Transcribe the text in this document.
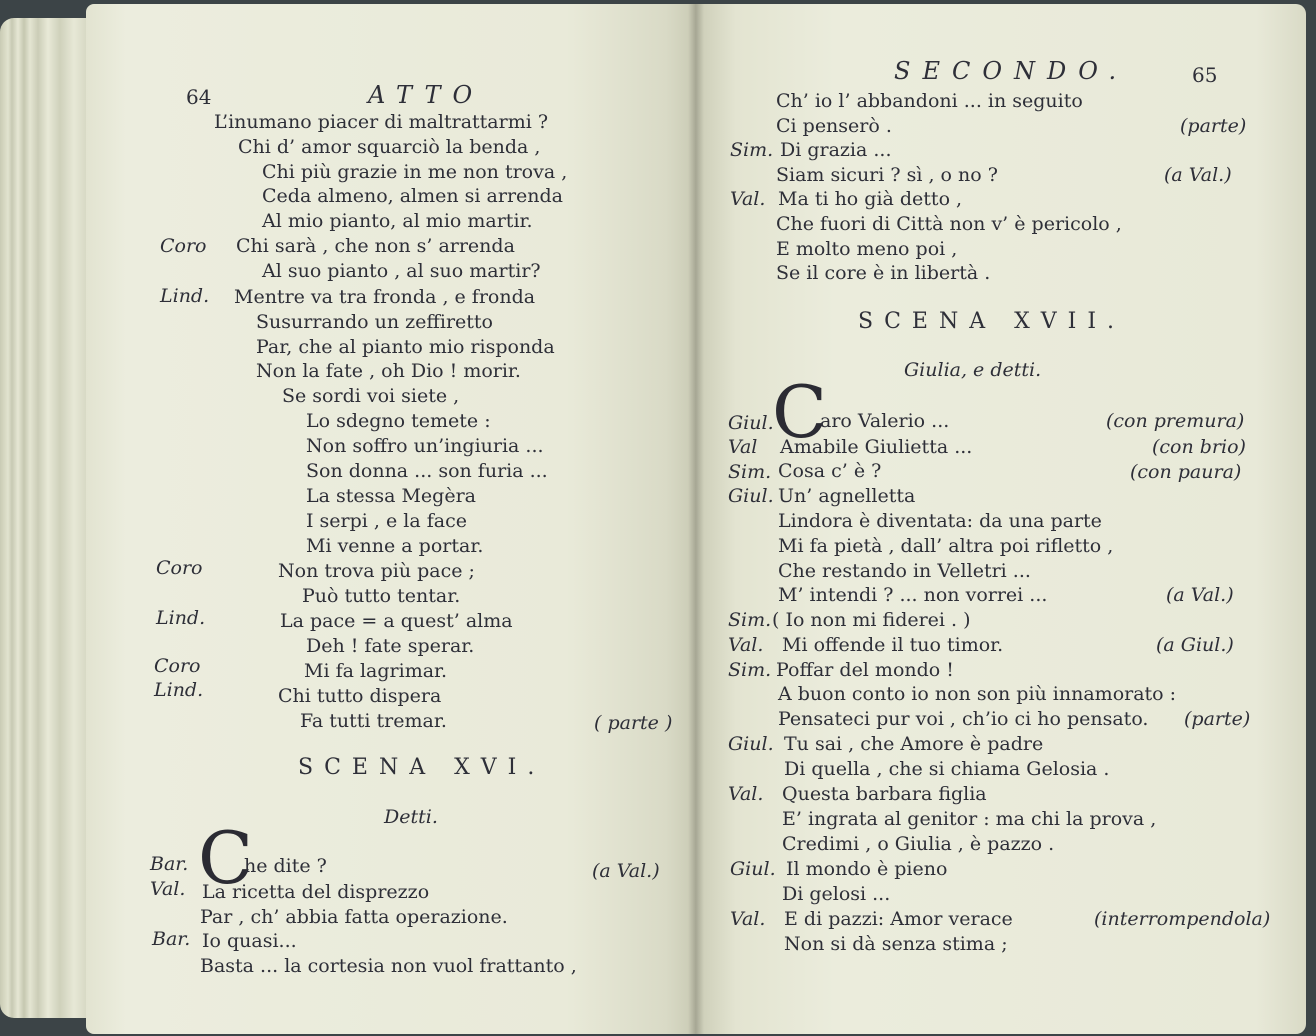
64	ATTO
L’inumano piacer di maltrattarmi ?
Chi d’ amor squarciò la benda ,
Chi più grazie in me non trova ,
Ceda almeno, almen si arrenda
Al mio pianto, al mio martir.
Coro Chi sarà , che non s’ arrenda
Al suo pianto , al suo martir?
Lind. Mentre va tra fronda , e fronda
Susurrando un zeffiretto
Par, che al pianto mio risponda
Non la fate , oh Dio ! morir.
Se sordi voi siete ,
Lo sdegno temete :
Non soffro un’ingiuria ...
Son donna ... son furia ...
La stessa Megèra
I serpi , e la face
Mi venne a portar.
Coro	Non trova più pace ;
Può tutto tentar.
Lind.	La pace = a quest’ alma
Deh ! fate sperar.
Coro	Mi fa lagrimar.
Lind.	Chi tutto dispera
Fa tutti tremar.	( parte )
SCENA XVI.
Detti.
C
Bar.	he dite ?	(a Val.)
Val. La ricetta del disprezzo
Par , ch’ abbia fatta operazione.
Bar. Io quasi...
Basta ... la cortesia non vuol frattanto ,
SECONDO.	65
Ch’ io l’ abbandoni ... in seguito
Ci penserò .	(parte)
Sim. Di grazia ...
Siam sicuri ? sì , o no ?	(a Val.)
Val. Ma ti ho già detto ,
Che fuori di Città non v’ è pericolo ,
E molto meno poi ,
Se il core è in libertà .
SCENA XVII.
Giulia, e detti.
C
Giul. aro Valerio ...	(con premura)
Val Amabile Giulietta ...	(con brio)
Sim. Cosa c’ è ?	(con paura)
Giul. Un’ agnelletta
Lindora è diventata: da una parte
Mi fa pietà , dall’ altra poi rifletto ,
Che restando in Velletri ...
M’ intendi ? ... non vorrei ...	(a Val.)
Sim. ( Io non mi fiderei . )
Val. Mi offende il tuo timor.	(a Giul.)
Sim. Poffar del mondo !
A buon conto io non son più innamorato :
Pensateci pur voi , ch’io ci ho pensato. (parte)
Giul. Tu sai , che Amore è padre
Di quella , che si chiama Gelosia .
Val. Questa barbara figlia
E’ ingrata al genitor : ma chi la prova ,
Credimi , o Giulia , è pazzo .
Giul. Il mondo è pieno
Di gelosi ...
Val. E di pazzi: Amor verace	(interrompendola)
Non si dà senza stima ;
